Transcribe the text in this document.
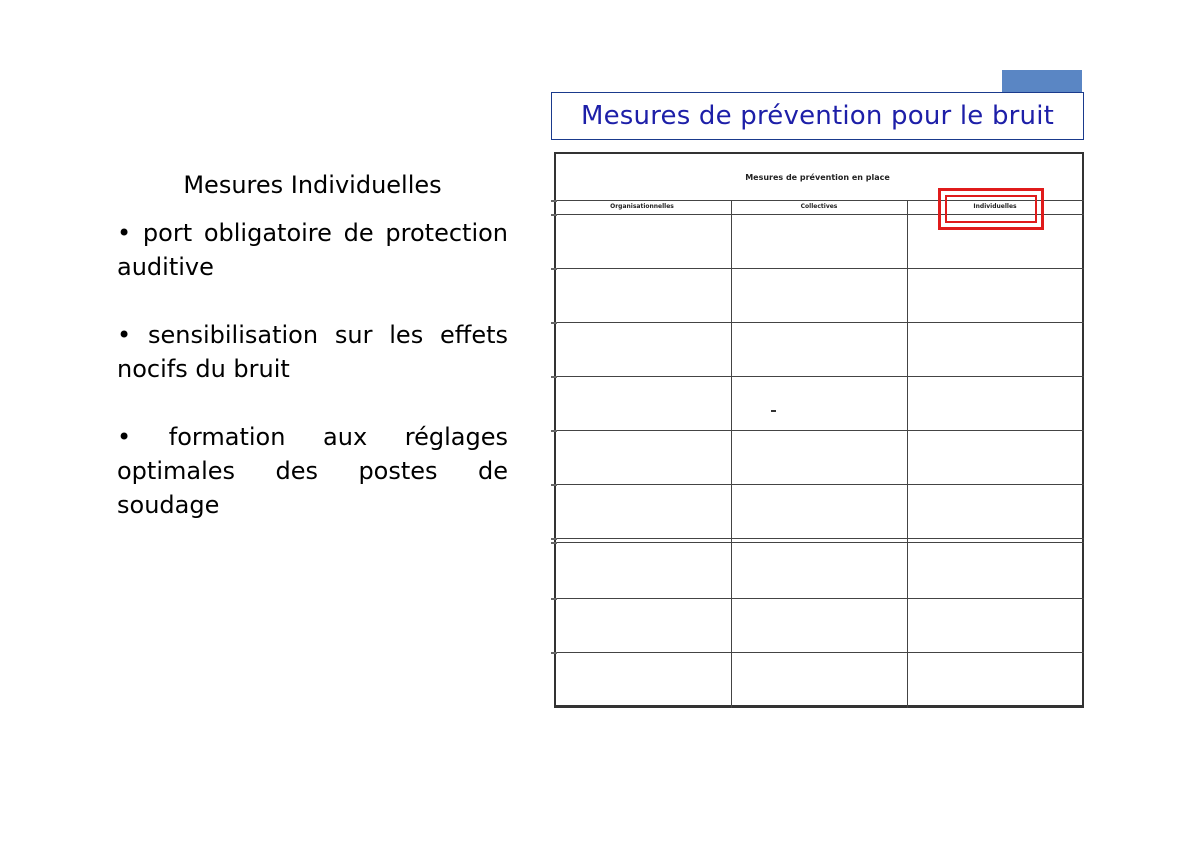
Mesures de prévention pour le bruit

Mesures Individuelles

• port obligatoire de protection auditive

• sensibilisation sur les effets nocifs du bruit

• formation aux réglages optimales des postes de soudage

Mesures de prévention en place
Organisationnelles	Collectives	Individuelles
